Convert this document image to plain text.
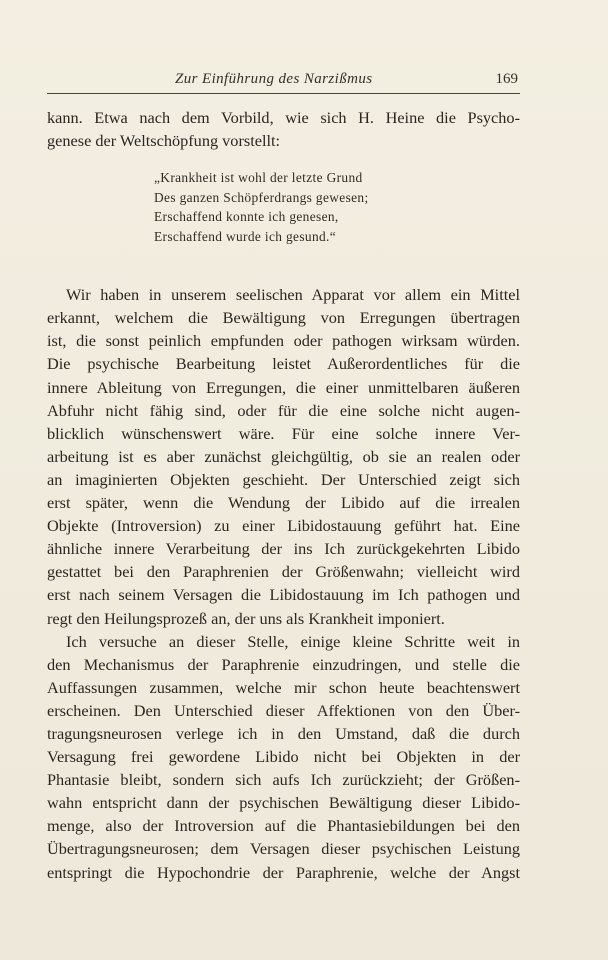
Zur Einführung des Narzißmus	169
kann. Etwa nach dem Vorbild, wie sich H. Heine die Psycho-
genese der Weltschöpfung vorstellt:
„Krankheit ist wohl der letzte Grund
Des ganzen Schöpferdrangs gewesen;
Erschaffend konnte ich genesen,
Erschaffend wurde ich gesund.“
Wir haben in unserem seelischen Apparat vor allem ein Mittel
erkannt, welchem die Bewältigung von Erregungen übertragen
ist, die sonst peinlich empfunden oder pathogen wirksam würden.
Die psychische Bearbeitung leistet Außerordentliches für die
innere Ableitung von Erregungen, die einer unmittelbaren äußeren
Abfuhr nicht fähig sind, oder für die eine solche nicht augen-
blicklich wünschenswert wäre. Für eine solche innere Ver-
arbeitung ist es aber zunächst gleichgültig, ob sie an realen oder
an imaginierten Objekten geschieht. Der Unterschied zeigt sich
erst später, wenn die Wendung der Libido auf die irrealen
Objekte (Introversion) zu einer Libidostauung geführt hat. Eine
ähnliche innere Verarbeitung der ins Ich zurückgekehrten Libido
gestattet bei den Paraphrenien der Größenwahn; vielleicht wird
erst nach seinem Versagen die Libidostauung im Ich pathogen und
regt den Heilungsprozeß an, der uns als Krankheit imponiert.
Ich versuche an dieser Stelle, einige kleine Schritte weit in
den Mechanismus der Paraphrenie einzudringen, und stelle die
Auffassungen zusammen, welche mir schon heute beachtenswert
erscheinen. Den Unterschied dieser Affektionen von den Über-
tragungsneurosen verlege ich in den Umstand, daß die durch
Versagung frei gewordene Libido nicht bei Objekten in der
Phantasie bleibt, sondern sich aufs Ich zurückzieht; der Größen-
wahn entspricht dann der psychischen Bewältigung dieser Libido-
menge, also der Introversion auf die Phantasiebildungen bei den
Übertragungsneurosen; dem Versagen dieser psychischen Leistung
entspringt die Hypochondrie der Paraphrenie, welche der Angst
